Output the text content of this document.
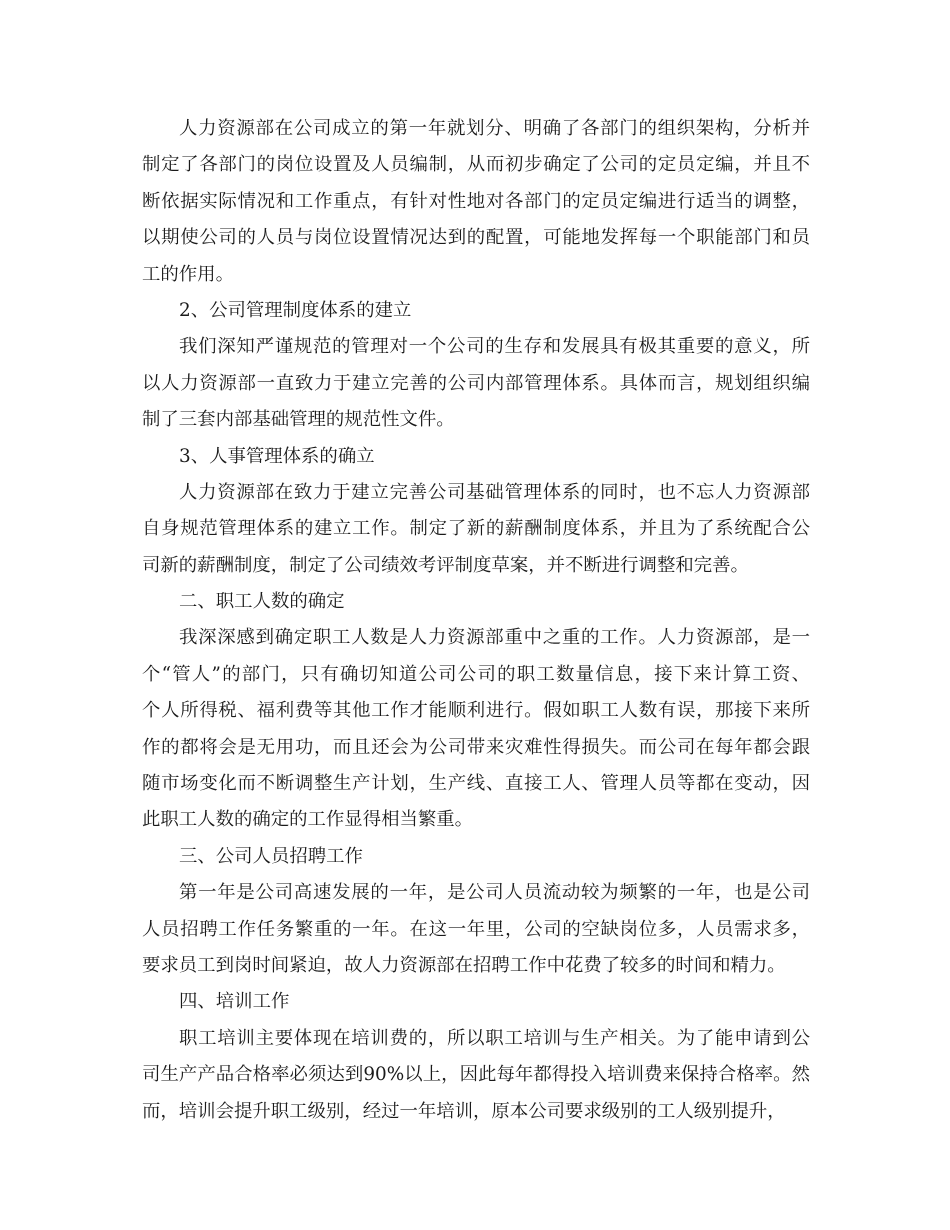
人力资源部在公司成立的第一年就划分、明确了各部门的组织架构，分析并
制定了各部门的岗位设置及人员编制，从而初步确定了公司的定员定编，并且不
断依据实际情况和工作重点，有针对性地对各部门的定员定编进行适当的调整，
以期使公司的人员与岗位设置情况达到的配置，可能地发挥每一个职能部门和员
工的作用。
2、公司管理制度体系的建立
我们深知严谨规范的管理对一个公司的生存和发展具有极其重要的意义，所
以人力资源部一直致力于建立完善的公司内部管理体系。具体而言，规划组织编
制了三套内部基础管理的规范性文件。
3、人事管理体系的确立
人力资源部在致力于建立完善公司基础管理体系的同时，也不忘人力资源部
自身规范管理体系的建立工作。制定了新的薪酬制度体系，并且为了系统配合公
司新的薪酬制度，制定了公司绩效考评制度草案，并不断进行调整和完善。
二、职工人数的确定
我深深感到确定职工人数是人力资源部重中之重的工作。人力资源部，是一
个“管人”的部门，只有确切知道公司公司的职工数量信息，接下来计算工资、
个人所得税、福利费等其他工作才能顺利进行。假如职工人数有误，那接下来所
作的都将会是无用功，而且还会为公司带来灾难性得损失。而公司在每年都会跟
随市场变化而不断调整生产计划，生产线、直接工人、管理人员等都在变动，因
此职工人数的确定的工作显得相当繁重。
三、公司人员招聘工作
第一年是公司高速发展的一年，是公司人员流动较为频繁的一年，也是公司
人员招聘工作任务繁重的一年。在这一年里，公司的空缺岗位多，人员需求多，
要求员工到岗时间紧迫，故人力资源部在招聘工作中花费了较多的时间和精力。
四、培训工作
职工培训主要体现在培训费的，所以职工培训与生产相关。为了能申请到公
司生产产品合格率必须达到90%以上，因此每年都得投入培训费来保持合格率。然
而，培训会提升职工级别，经过一年培训，原本公司要求级别的工人级别提升，
